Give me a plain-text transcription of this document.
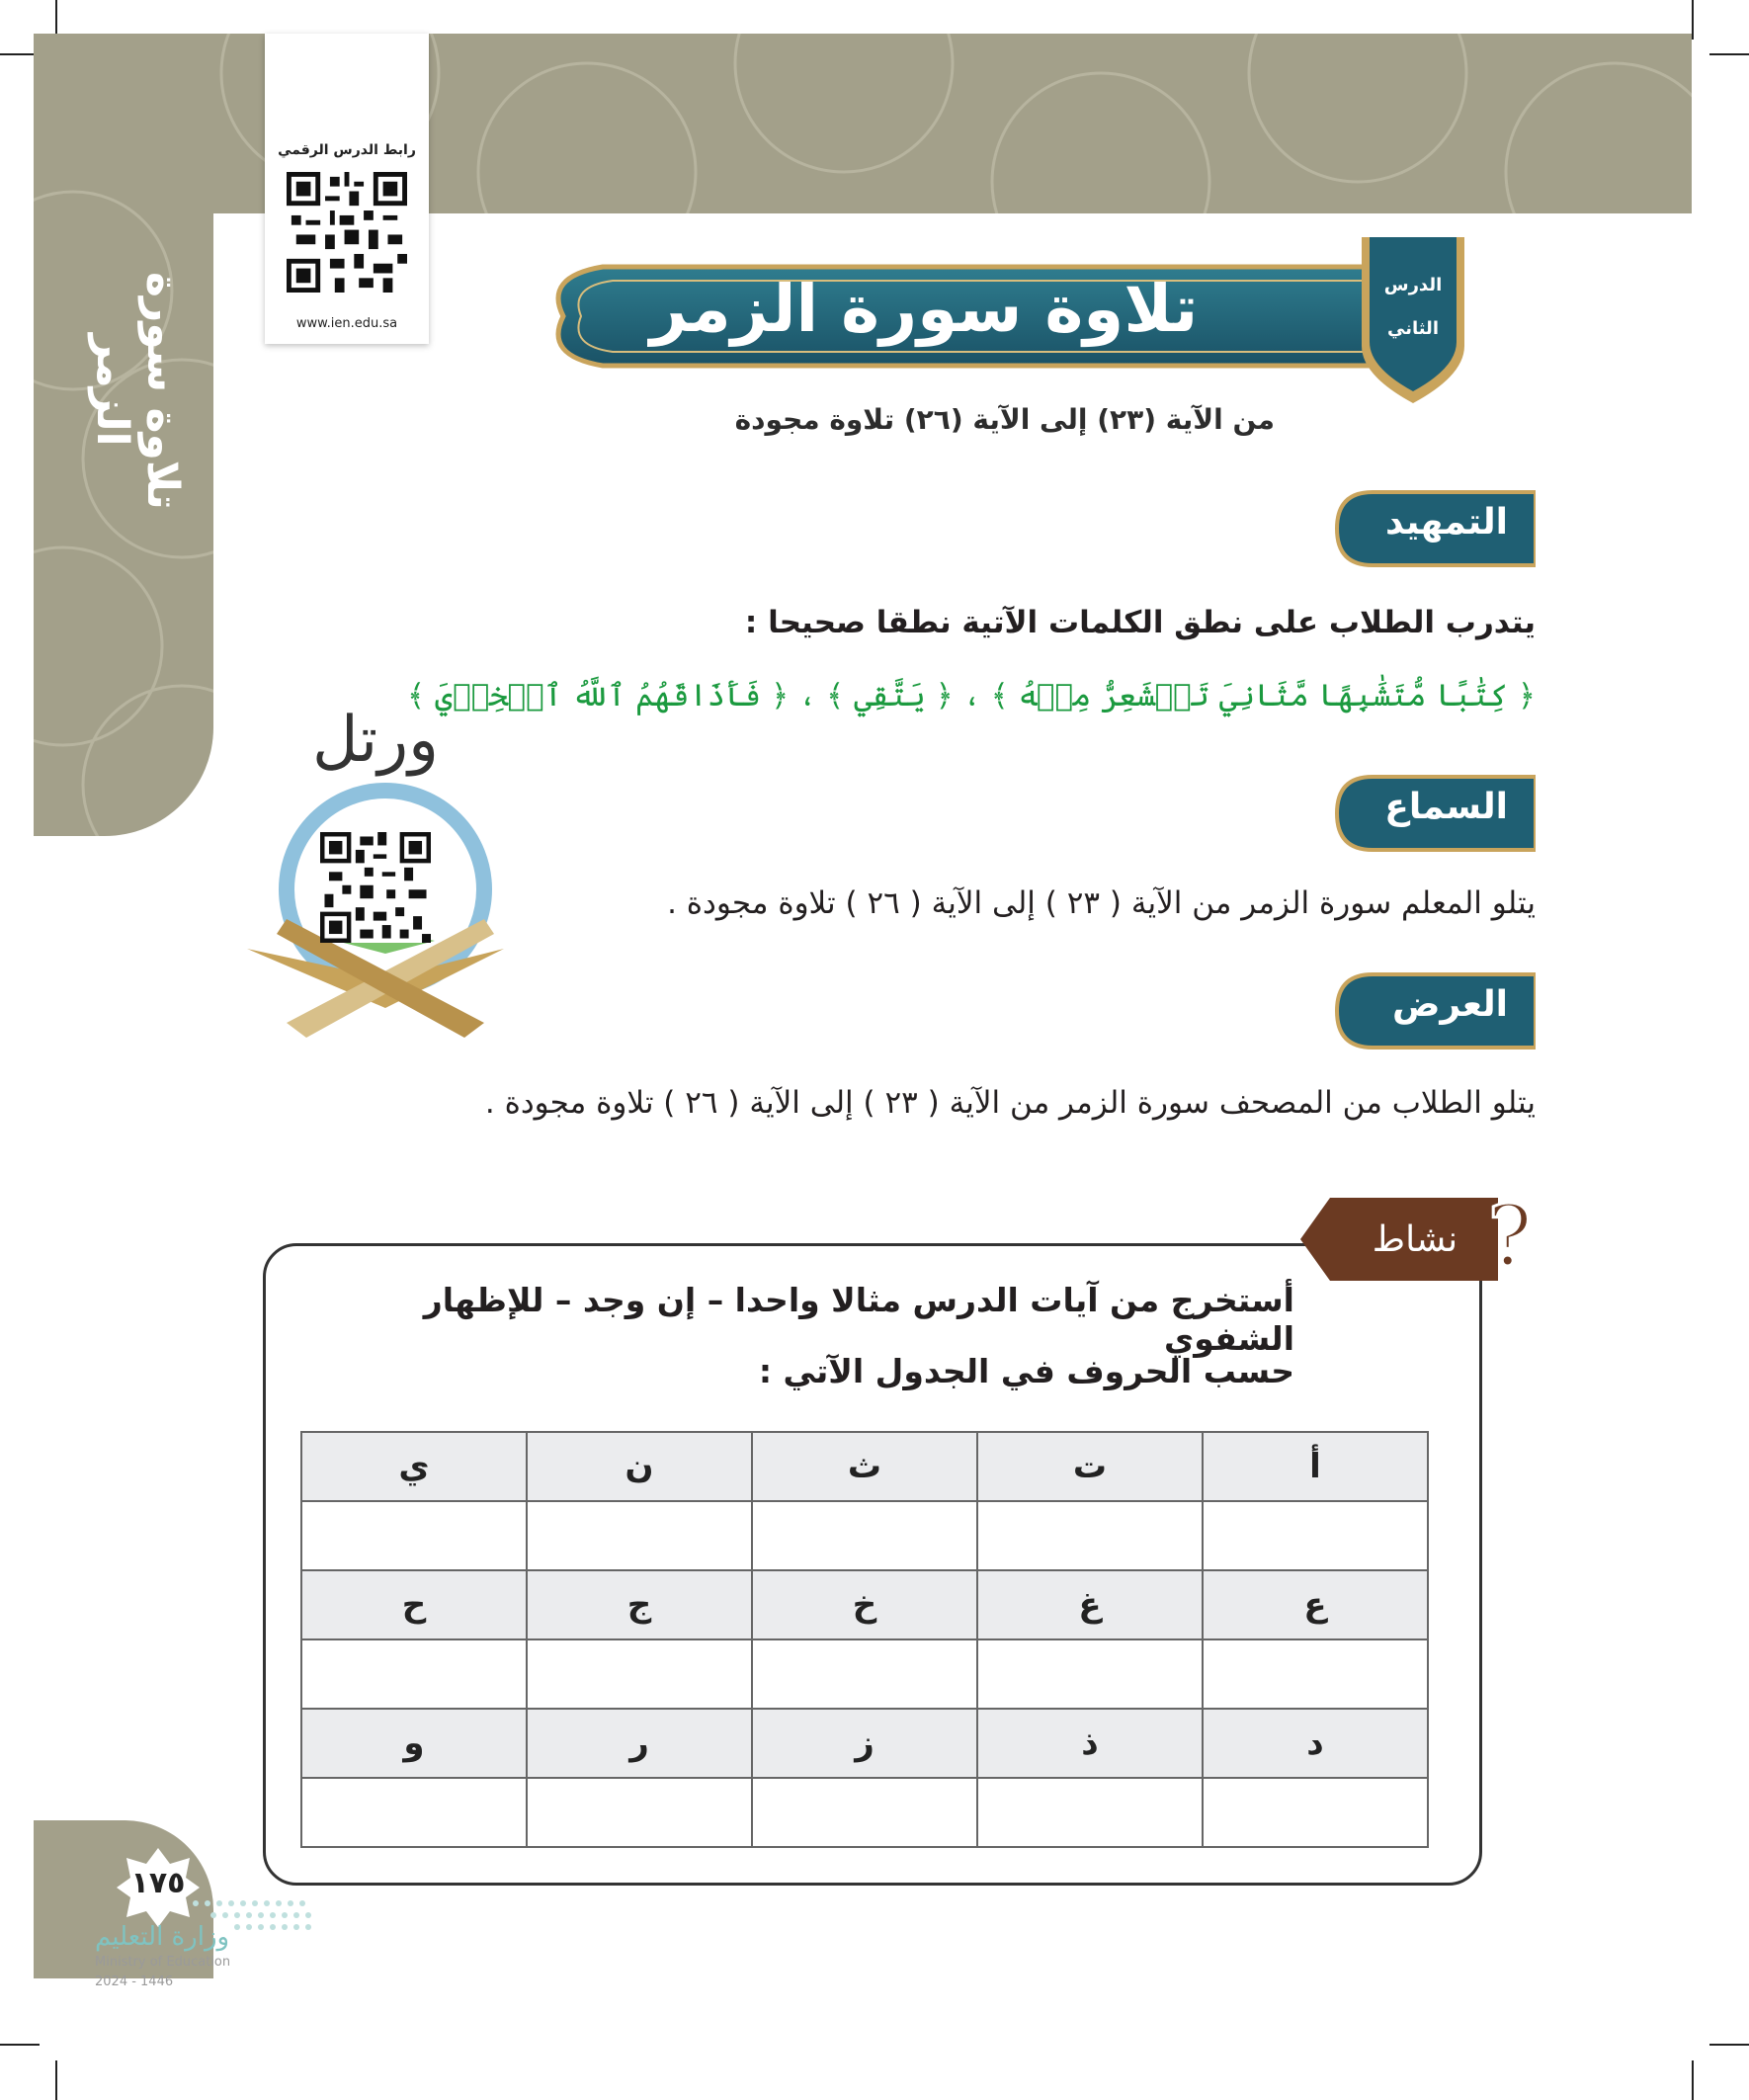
تلاوة سورة الزمر
رابط الدرس الرقمي
www.ien.edu.sa	تلاوة سورة الزمر	الدرس
الثاني
من الآية (٢٣) إلى الآية (٢٦) تلاوة مجودة
التمهيد
يتدرب الطلاب على نطق الكلمات الآتية نطقا صحيحا :
﴿ كِتَٰبًا مُّتَشَٰبِهًا مَّثَانِيَ تَقۡشَعِرُّ مِنۡهُ ﴾ ، ﴿ يَتَّقِي ﴾ ، ﴿ فَأَذَاقَهُمُ ٱللَّهُ ٱلۡخِزۡيَ ﴾
ورتل
السماع
يتلو المعلم سورة الزمر من الآية ( ٢٣ ) إلى الآية ( ٢٦ ) تلاوة مجودة .
العرض
يتلو الطلاب من المصحف سورة الزمر من الآية ( ٢٣ ) إلى الآية ( ٢٦ ) تلاوة مجودة .
?
نشاط
أستخرج من آيات الدرس مثالا واحدا – إن وجد – للإظهار الشفوي
حسب الحروف في الجدول الآتي :
أ	ت	ث	ن	ي

ع	غ	خ	ج	ح

د	ذ	ز	ر	و

١٧٥
وزارة التعليم
Ministry of Education
2024 - 1446
